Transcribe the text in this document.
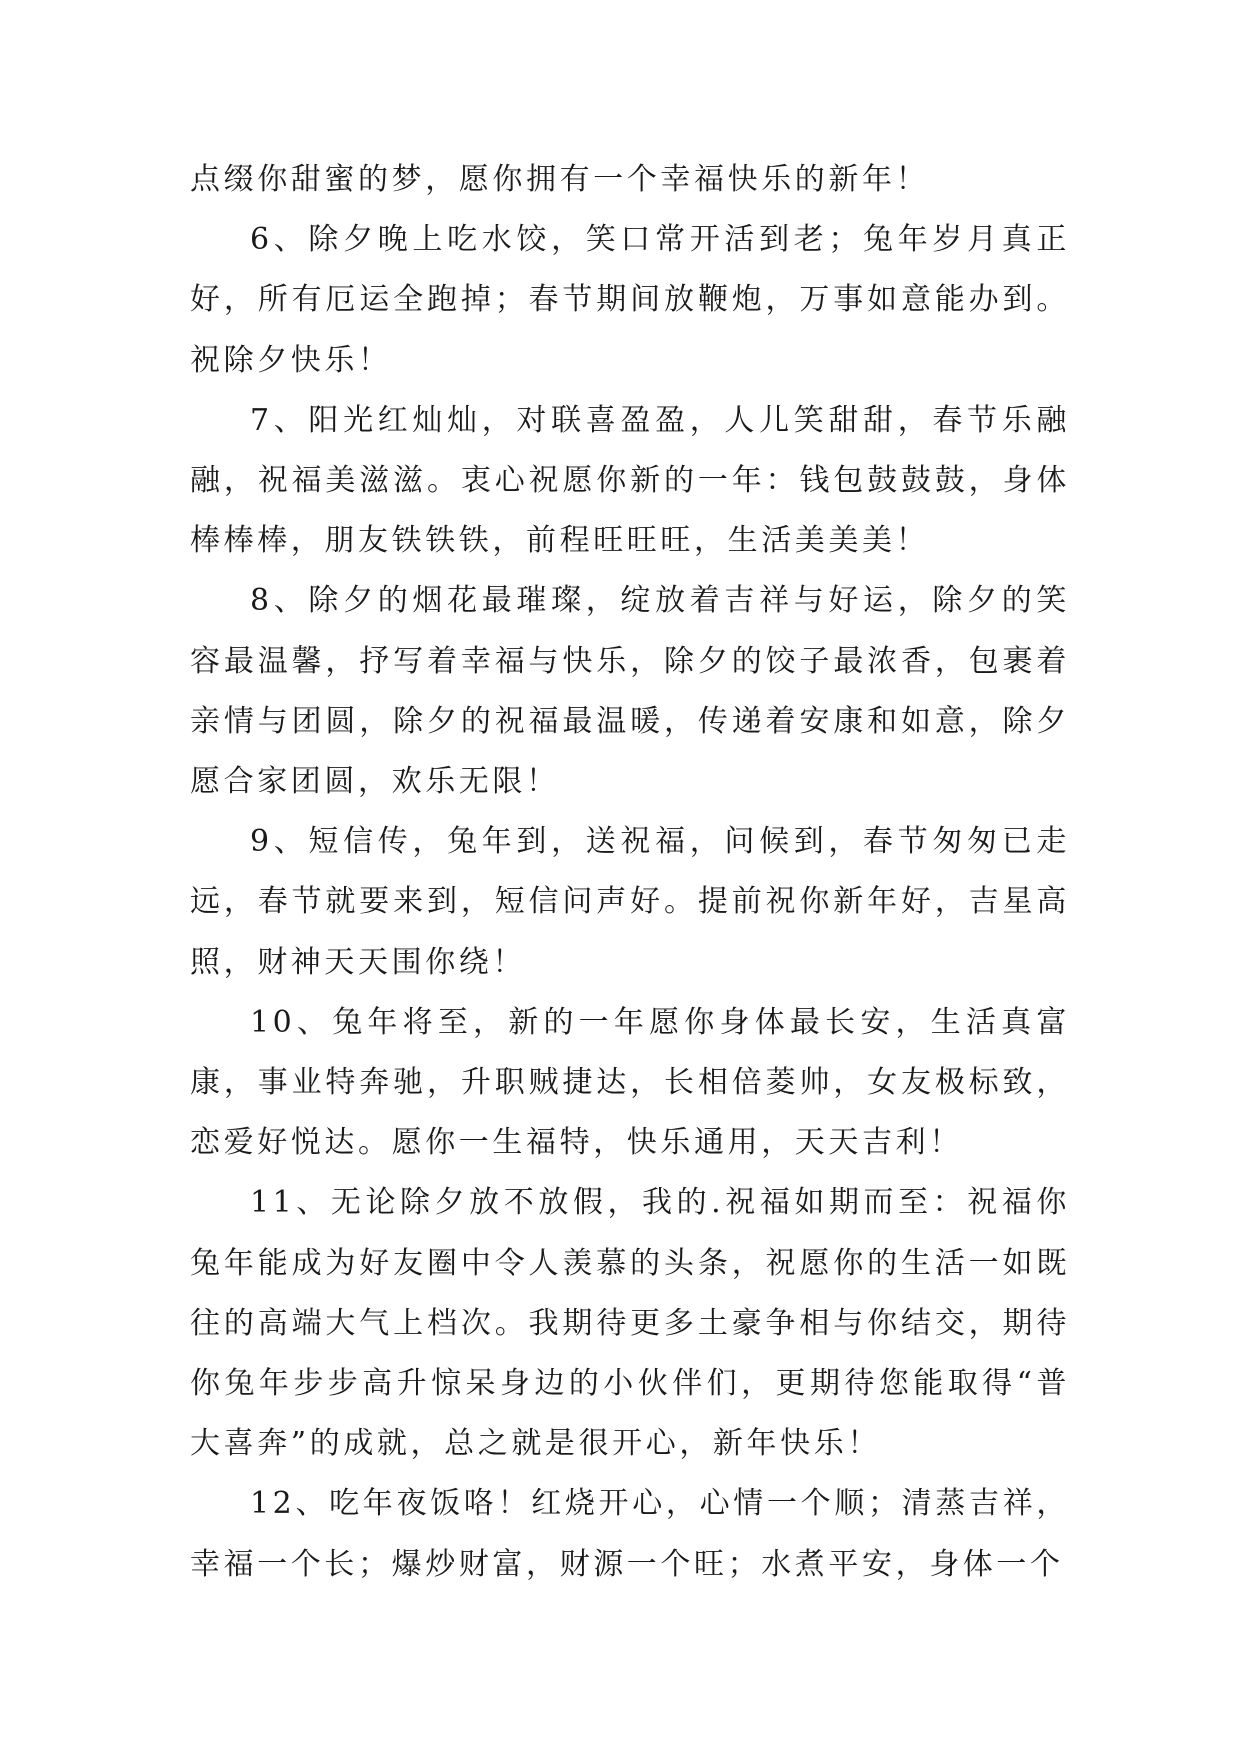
点缀你甜蜜的梦，愿你拥有一个幸福快乐的新年！

6、除夕晚上吃水饺，笑口常开活到老；兔年岁月真正好，所有厄运全跑掉；春节期间放鞭炮，万事如意能办到。祝除夕快乐！

7、阳光红灿灿，对联喜盈盈，人儿笑甜甜，春节乐融融，祝福美滋滋。衷心祝愿你新的一年：钱包鼓鼓鼓，身体棒棒棒，朋友铁铁铁，前程旺旺旺，生活美美美！

8、除夕的烟花最璀璨，绽放着吉祥与好运，除夕的笑容最温馨，抒写着幸福与快乐，除夕的饺子最浓香，包裹着亲情与团圆，除夕的祝福最温暖，传递着安康和如意，除夕愿合家团圆，欢乐无限！

9、短信传，兔年到，送祝福，问候到，春节匆匆已走远，春节就要来到，短信问声好。提前祝你新年好，吉星高照，财神天天围你绕！

10、兔年将至，新的一年愿你身体最长安，生活真富康，事业特奔驰，升职贼捷达，长相倍菱帅，女友极标致，恋爱好悦达。愿你一生福特，快乐通用，天天吉利！

11、无论除夕放不放假，我的.祝福如期而至：祝福你兔年能成为好友圈中令人羡慕的头条，祝愿你的生活一如既往的高端大气上档次。我期待更多土豪争相与你结交，期待你兔年步步高升惊呆身边的小伙伴们，更期待您能取得“普大喜奔”的成就，总之就是很开心，新年快乐！

12、吃年夜饭咯！红烧开心，心情一个顺；清蒸吉祥，幸福一个长；爆炒财富，财源一个旺；水煮平安，身体一个
